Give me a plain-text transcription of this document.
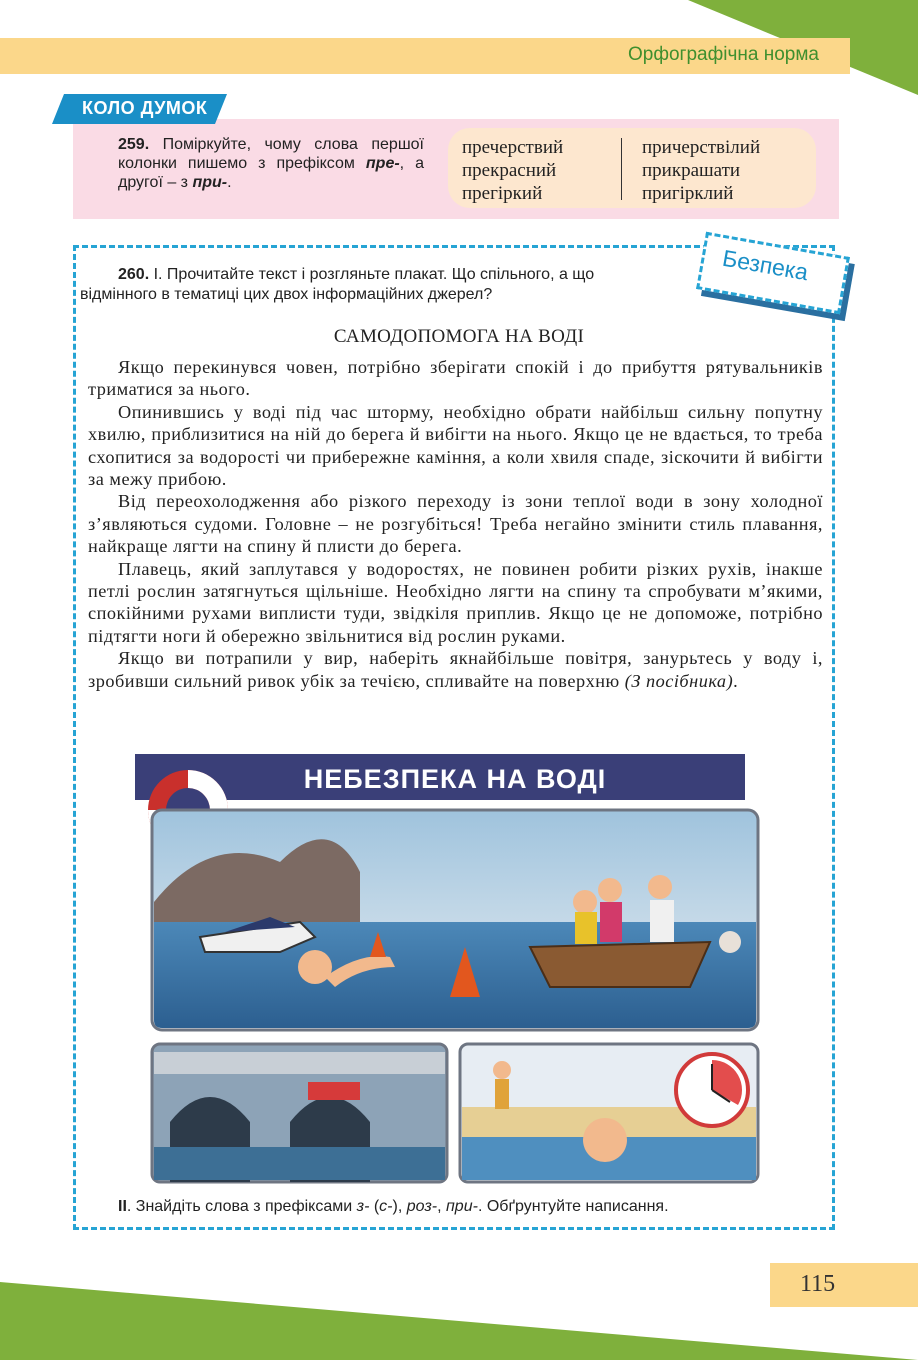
Орфографічна норма
КОЛО ДУМОК
259. Поміркуйте, чому слова першої колонки пишемо з префіксом пре-, а другої – з при-.
пречерствий
прекрасний
прегіркий
причерствілий
прикрашати
пригірклий
Безпека
260. І. Прочитайте текст і розгляньте плакат. Що спільного, а що відмінного в тематиці цих двох інформаційних джерел?
САМОДОПОМОГА НА ВОДІ

Якщо перекинувся човен, потрібно зберігати спокій і до прибуття рятувальників триматися за нього.

Опинившись у воді під час шторму, необхідно обрати найбільш сильну попутну хвилю, приблизитися на ній до берега й вибігти на нього. Якщо це не вдається, то треба схопитися за водорості чи прибережне каміння, а коли хвиля спаде, зіскочити й вибігти за межу прибою.

Від переохолодження або різкого переходу із зони теплої води в зону холодної з’являються судоми. Головне – не розгубіться! Треба негайно змінити стиль плавання, найкраще лягти на спину й плисти до берега.

Плавець, який заплутався у водоростях, не повинен робити різких рухів, інакше петлі рослин затягнуться щільніше. Необхідно лягти на спину та спробувати м’якими, спокійними рухами виплисти туди, звідкіля приплив. Якщо це не допоможе, потрібно підтягти ноги й обережно звільнитися від рослин руками.

Якщо ви потрапили у вир, наберіть якнайбільше повітря, занурьтесь у воду і, зробивши сильний ривок убік за течією, спливайте на поверхню (З посібника).

НЕБЕЗПЕКА НА ВОДІ
II. Знайдіть слова з префіксами з- (с-), роз-, при-. Обґрунтуйте написання.
115
